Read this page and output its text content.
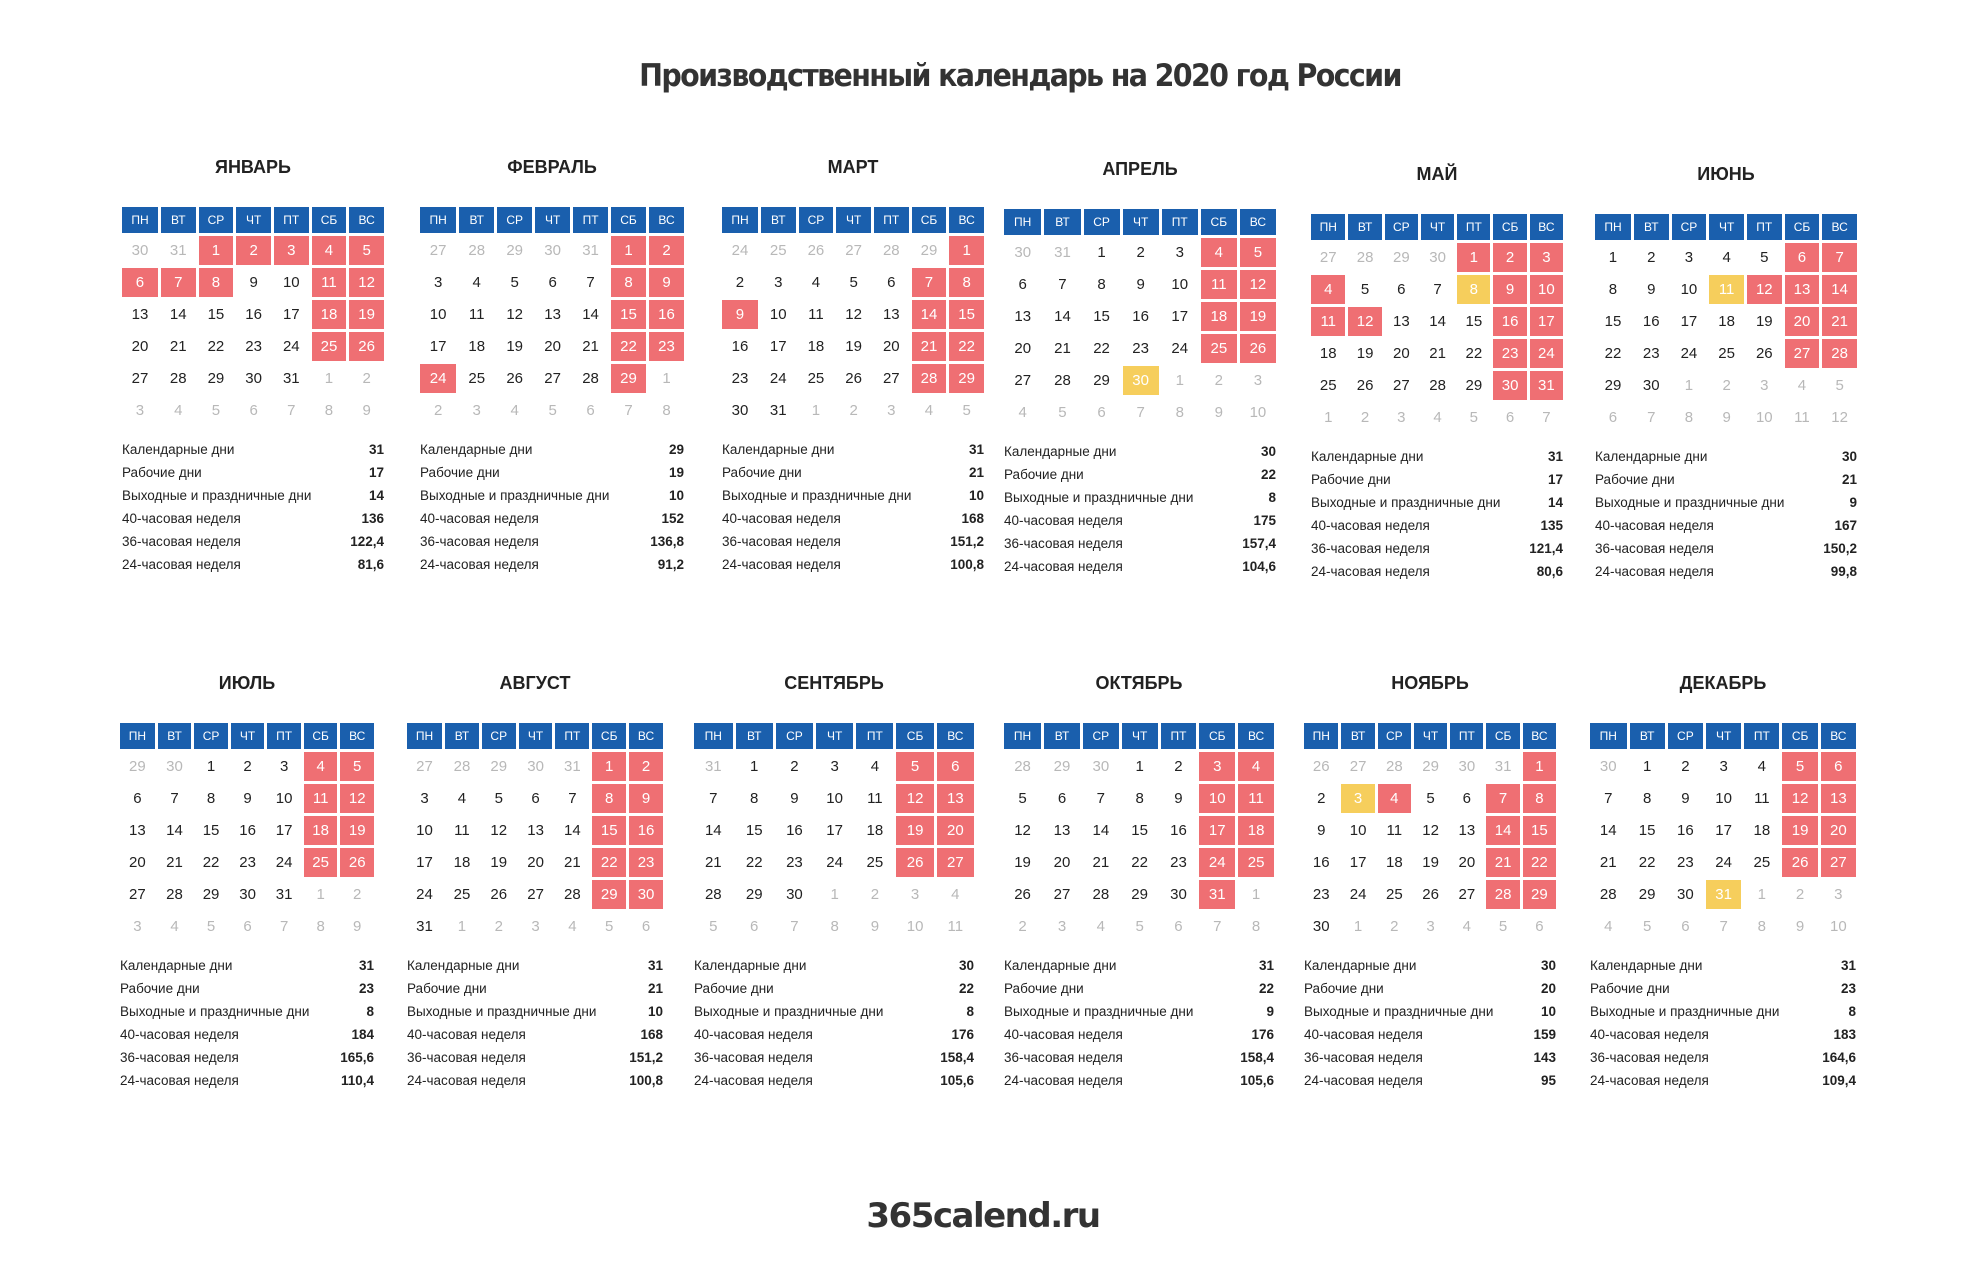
Производственный календарь на 2020 год России
ЯНВАРЬ
ПН	ВТ	СР	ЧТ	ПТ	СБ	ВС
30	31	1	2	3	4	5
6	7	8	9	10	11	12
13	14	15	16	17	18	19
20	21	22	23	24	25	26
27	28	29	30	31	1	2
3	4	5	6	7	8	9
Календарные дни	31
Рабочие дни	17
Выходные и праздничные дни	14
40-часовая неделя	136
36-часовая неделя	122,4
24-часовая неделя	81,6
ФЕВРАЛЬ
ПН	ВТ	СР	ЧТ	ПТ	СБ	ВС
27	28	29	30	31	1	2
3	4	5	6	7	8	9
10	11	12	13	14	15	16
17	18	19	20	21	22	23
24	25	26	27	28	29	1
2	3	4	5	6	7	8
Календарные дни	29
Рабочие дни	19
Выходные и праздничные дни	10
40-часовая неделя	152
36-часовая неделя	136,8
24-часовая неделя	91,2
МАРТ
ПН	ВТ	СР	ЧТ	ПТ	СБ	ВС
24	25	26	27	28	29	1
2	3	4	5	6	7	8
9	10	11	12	13	14	15
16	17	18	19	20	21	22
23	24	25	26	27	28	29
30	31	1	2	3	4	5
Календарные дни	31
Рабочие дни	21
Выходные и праздничные дни	10
40-часовая неделя	168
36-часовая неделя	151,2
24-часовая неделя	100,8
АПРЕЛЬ
ПН	ВТ	СР	ЧТ	ПТ	СБ	ВС
30	31	1	2	3	4	5
6	7	8	9	10	11	12
13	14	15	16	17	18	19
20	21	22	23	24	25	26
27	28	29	30	1	2	3
4	5	6	7	8	9	10
Календарные дни	30
Рабочие дни	22
Выходные и праздничные дни	8
40-часовая неделя	175
36-часовая неделя	157,4
24-часовая неделя	104,6
МАЙ
ПН	ВТ	СР	ЧТ	ПТ	СБ	ВС
27	28	29	30	1	2	3
4	5	6	7	8	9	10
11	12	13	14	15	16	17
18	19	20	21	22	23	24
25	26	27	28	29	30	31
1	2	3	4	5	6	7
Календарные дни	31
Рабочие дни	17
Выходные и праздничные дни	14
40-часовая неделя	135
36-часовая неделя	121,4
24-часовая неделя	80,6
ИЮНЬ
ПН	ВТ	СР	ЧТ	ПТ	СБ	ВС
1	2	3	4	5	6	7
8	9	10	11	12	13	14
15	16	17	18	19	20	21
22	23	24	25	26	27	28
29	30	1	2	3	4	5
6	7	8	9	10	11	12
Календарные дни	30
Рабочие дни	21
Выходные и праздничные дни	9
40-часовая неделя	167
36-часовая неделя	150,2
24-часовая неделя	99,8
ИЮЛЬ
ПН	ВТ	СР	ЧТ	ПТ	СБ	ВС
29	30	1	2	3	4	5
6	7	8	9	10	11	12
13	14	15	16	17	18	19
20	21	22	23	24	25	26
27	28	29	30	31	1	2
3	4	5	6	7	8	9
Календарные дни	31
Рабочие дни	23
Выходные и праздничные дни	8
40-часовая неделя	184
36-часовая неделя	165,6
24-часовая неделя	110,4
АВГУСТ
ПН	ВТ	СР	ЧТ	ПТ	СБ	ВС
27	28	29	30	31	1	2
3	4	5	6	7	8	9
10	11	12	13	14	15	16
17	18	19	20	21	22	23
24	25	26	27	28	29	30
31	1	2	3	4	5	6
Календарные дни	31
Рабочие дни	21
Выходные и праздничные дни	10
40-часовая неделя	168
36-часовая неделя	151,2
24-часовая неделя	100,8
СЕНТЯБРЬ
ПН	ВТ	СР	ЧТ	ПТ	СБ	ВС
31	1	2	3	4	5	6
7	8	9	10	11	12	13
14	15	16	17	18	19	20
21	22	23	24	25	26	27
28	29	30	1	2	3	4
5	6	7	8	9	10	11
Календарные дни	30
Рабочие дни	22
Выходные и праздничные дни	8
40-часовая неделя	176
36-часовая неделя	158,4
24-часовая неделя	105,6
ОКТЯБРЬ
ПН	ВТ	СР	ЧТ	ПТ	СБ	ВС
28	29	30	1	2	3	4
5	6	7	8	9	10	11
12	13	14	15	16	17	18
19	20	21	22	23	24	25
26	27	28	29	30	31	1
2	3	4	5	6	7	8
Календарные дни	31
Рабочие дни	22
Выходные и праздничные дни	9
40-часовая неделя	176
36-часовая неделя	158,4
24-часовая неделя	105,6
НОЯБРЬ
ПН	ВТ	СР	ЧТ	ПТ	СБ	ВС
26	27	28	29	30	31	1
2	3	4	5	6	7	8
9	10	11	12	13	14	15
16	17	18	19	20	21	22
23	24	25	26	27	28	29
30	1	2	3	4	5	6
Календарные дни	30
Рабочие дни	20
Выходные и праздничные дни	10
40-часовая неделя	159
36-часовая неделя	143
24-часовая неделя	95
ДЕКАБРЬ
ПН	ВТ	СР	ЧТ	ПТ	СБ	ВС
30	1	2	3	4	5	6
7	8	9	10	11	12	13
14	15	16	17	18	19	20
21	22	23	24	25	26	27
28	29	30	31	1	2	3
4	5	6	7	8	9	10
Календарные дни	31
Рабочие дни	23
Выходные и праздничные дни	8
40-часовая неделя	183
36-часовая неделя	164,6
24-часовая неделя	109,4
365calend.ru
